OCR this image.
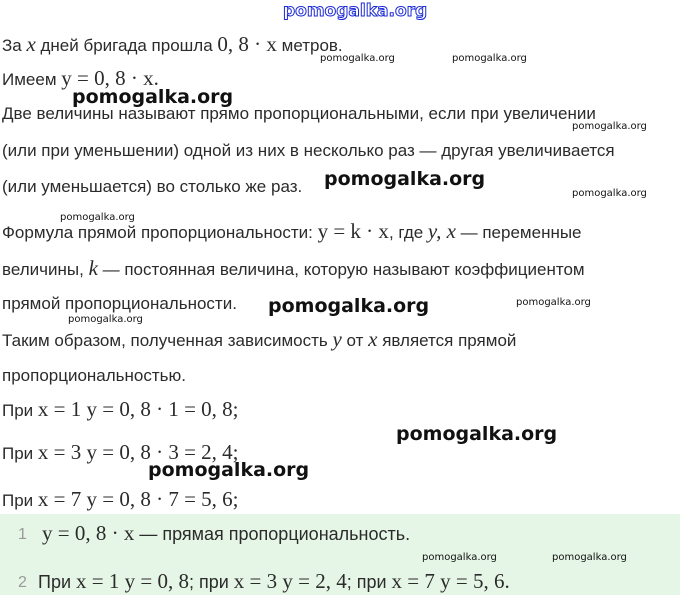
pomogalka.org
За x дней бригада прошла 0, 8 · x метров.
Имеем y = 0, 8 · x.
Две величины называют прямо пропорциональными, если при увеличении
(или при уменьшении) одной из них в несколько раз — другая увеличивается
(или уменьшается) во столько же раз.
Формула прямой пропорциональности: y = k · x, где y, x — переменные
величины, k — постоянная величина, которую называют коэффициентом
прямой пропорциональности.
Таким образом, полученная зависимость y от x является прямой
пропорциональностью.
При x = 1 y = 0, 8 · 1 = 0, 8;
При x = 3 y = 0, 8 · 3 = 2, 4;
При x = 7 y = 0, 8 · 7 = 5, 6;
1 y = 0, 8 · x — прямая пропорциональность.
2 При x = 1 y = 0, 8; при x = 3 y = 2, 4; при x = 7 y = 5, 6.
pomogalka.org	pomogalka.org
pomogalka.org
pomogalka.org
pomogalka.org
pomogalka.org
pomogalka.org
pomogalka.org	pomogalka.org
pomogalka.org
pomogalka.org
pomogalka.org
pomogalka.org	pomogalka.org
